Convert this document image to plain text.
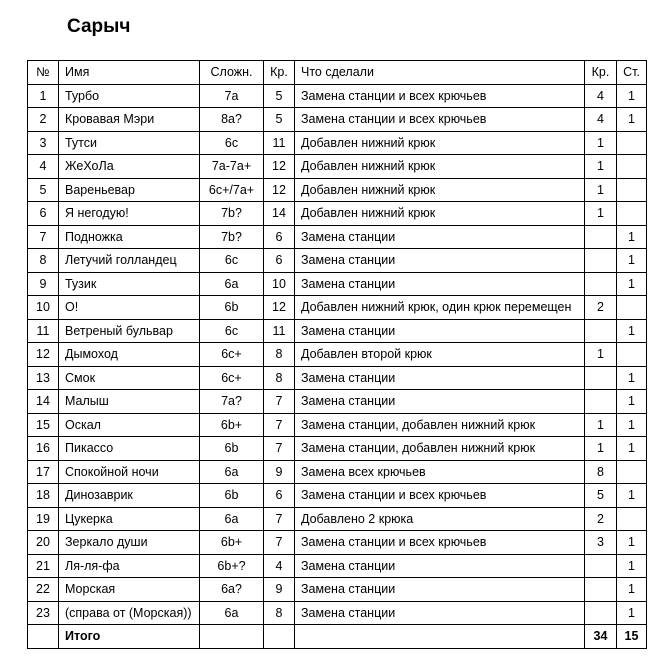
Сарыч
№	Имя	Сложн.	Кр.	Что сделали	Кр.	Ст.
1	Турбо	7a	5	Замена станции и всех крючьев	4	1
2	Кровавая Мэри	8a?	5	Замена станции и всех крючьев	4	1
3	Тутси	6c	11	Добавлен нижний крюк	1	
4	ЖеХоЛа	7a-7a+	12	Добавлен нижний крюк	1	
5	Вареньевар	6c+/7a+	12	Добавлен нижний крюк	1	
6	Я негодую!	7b?	14	Добавлен нижний крюк	1	
7	Подножка	7b?	6	Замена станции		1
8	Летучий голландец	6c	6	Замена станции		1
9	Тузик	6a	10	Замена станции		1
10	О!	6b	12	Добавлен нижний крюк, один крюк перемещен	2	
11	Ветреный бульвар	6c	11	Замена станции		1
12	Дымоход	6c+	8	Добавлен второй крюк	1	
13	Смок	6c+	8	Замена станции		1
14	Малыш	7a?	7	Замена станции		1
15	Оскал	6b+	7	Замена станции, добавлен нижний крюк	1	1
16	Пикассо	6b	7	Замена станции, добавлен нижний крюк	1	1
17	Спокойной ночи	6a	9	Замена всех крючьев	8	
18	Динозаврик	6b	6	Замена станции и всех крючьев	5	1
19	Цукерка	6a	7	Добавлено 2 крюка	2	
20	Зеркало души	6b+	7	Замена станции и всех крючьев	3	1
21	Ля-ля-фа	6b+?	4	Замена станции		1
22	Морская	6a?	9	Замена станции		1
23	(справа от (Морская))	6a	8	Замена станции		1
	Итого				34	15
